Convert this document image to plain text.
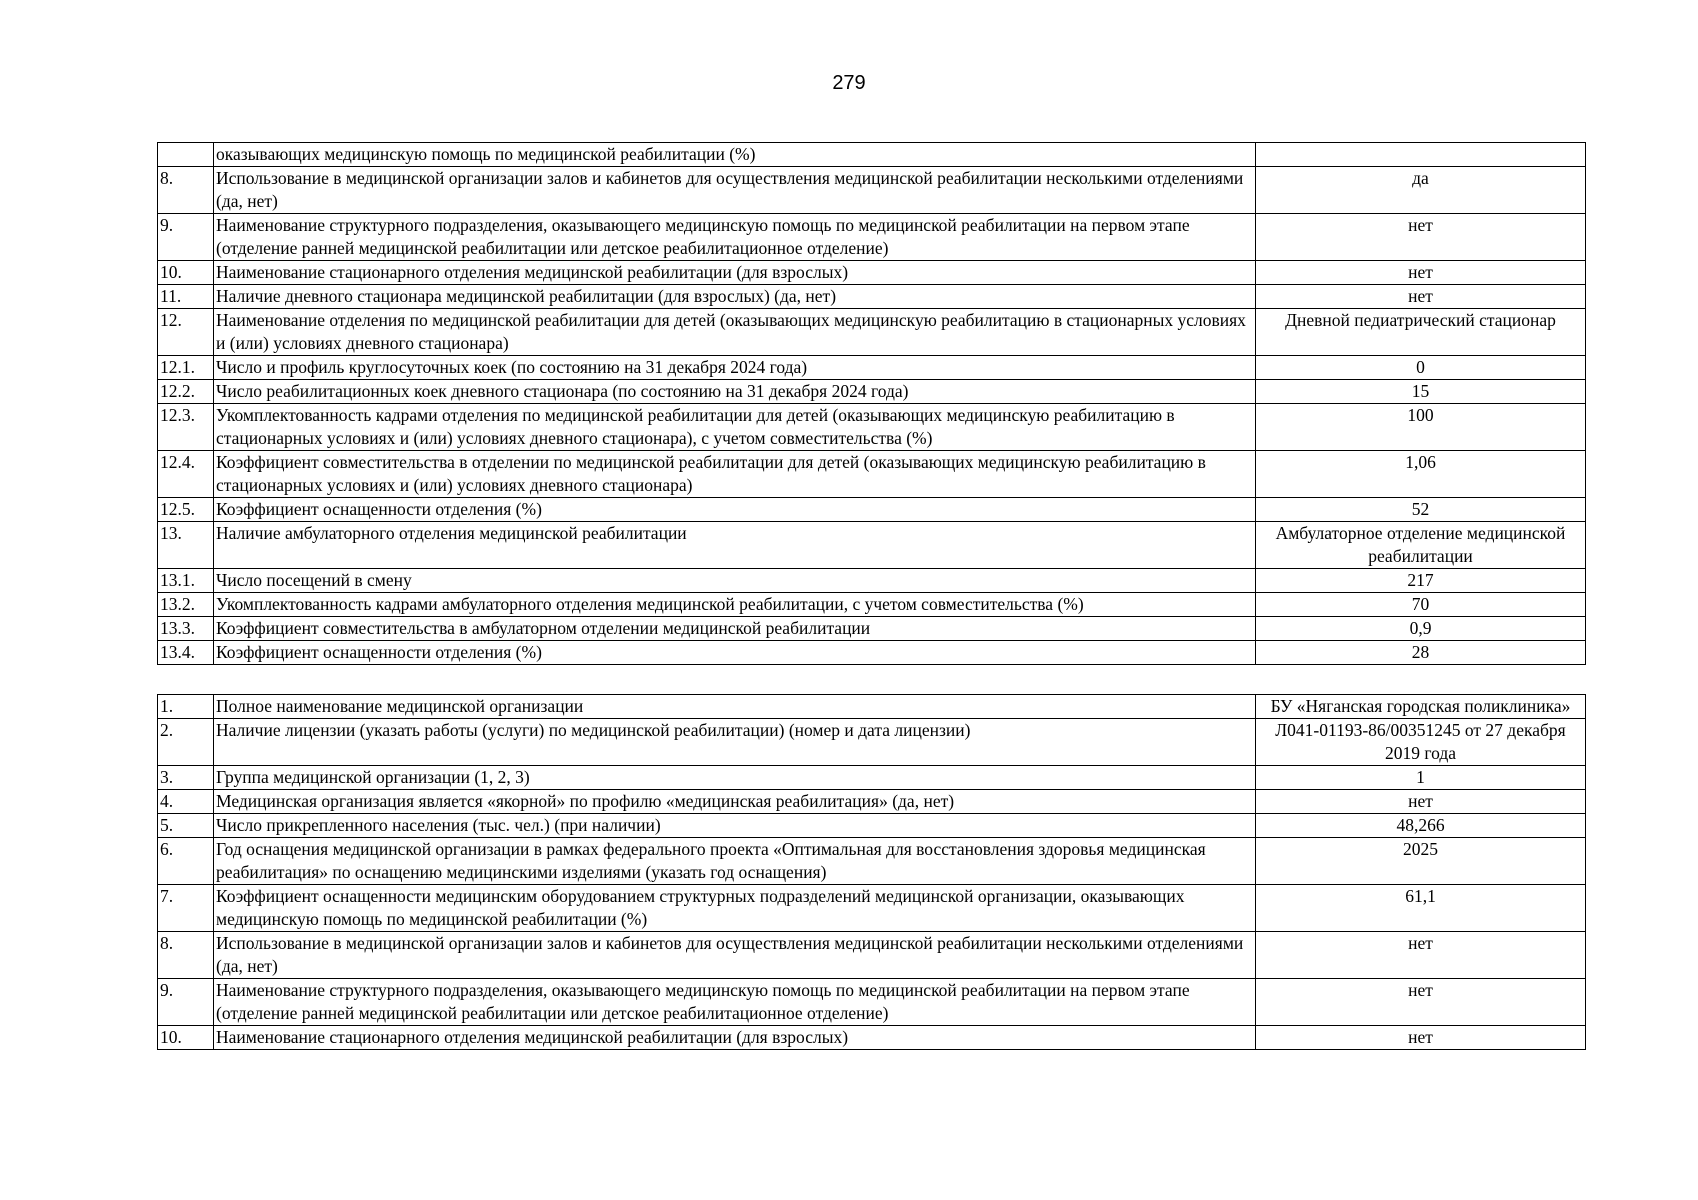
279
	оказывающих медицинскую помощь по медицинской реабилитации (%)	
8.	Использование в медицинской организации залов и кабинетов для осуществления медицинской реабилитации несколькими отделениями (да, нет)	да
9.	Наименование структурного подразделения, оказывающего медицинскую помощь по медицинской реабилитации на первом этапе (отделение ранней медицинской реабилитации или детское реабилитационное отделение)	нет
10.	Наименование стационарного отделения медицинской реабилитации (для взрослых)	нет
11.	Наличие дневного стационара медицинской реабилитации (для взрослых) (да, нет)	нет
12.	Наименование отделения по медицинской реабилитации для детей (оказывающих медицинскую реабилитацию в стационарных условиях и (или) условиях дневного стационара)	Дневной педиатрический стационар
12.1.	Число и профиль круглосуточных коек (по состоянию на 31 декабря 2024 года)	0
12.2.	Число реабилитационных коек дневного стационара (по состоянию на 31 декабря 2024 года)	15
12.3.	Укомплектованность кадрами отделения по медицинской реабилитации для детей (оказывающих медицинскую реабилитацию в стационарных условиях и (или) условиях дневного стационара), с учетом совместительства (%)	100
12.4.	Коэффициент совместительства в отделении по медицинской реабилитации для детей (оказывающих медицинскую реабилитацию в стационарных условиях и (или) условиях дневного стационара)	1,06
12.5.	Коэффициент оснащенности отделения (%)	52
13.	Наличие амбулаторного отделения медицинской реабилитации	Амбулаторное отделение медицинской реабилитации
13.1.	Число посещений в смену	217
13.2.	Укомплектованность кадрами амбулаторного отделения медицинской реабилитации, с учетом совместительства (%)	70
13.3.	Коэффициент совместительства в амбулаторном отделении медицинской реабилитации	0,9
13.4.	Коэффициент оснащенности отделения (%)	28
1.	Полное наименование медицинской организации	БУ «Няганская городская поликлиника»
2.	Наличие лицензии (указать работы (услуги) по медицинской реабилитации) (номер и дата лицензии)	Л041-01193-86/00351245 от 27 декабря 2019 года
3.	Группа медицинской организации (1, 2, 3)	1
4.	Медицинская организация является «якорной» по профилю «медицинская реабилитация» (да, нет)	нет
5.	Число прикрепленного населения (тыс. чел.) (при наличии)	48,266
6.	Год оснащения медицинской организации в рамках федерального проекта «Оптимальная для восстановления здоровья медицинская реабилитация» по оснащению медицинскими изделиями (указать год оснащения)	2025
7.	Коэффициент оснащенности медицинским оборудованием структурных подразделений медицинской организации, оказывающих медицинскую помощь по медицинской реабилитации (%)	61,1
8.	Использование в медицинской организации залов и кабинетов для осуществления медицинской реабилитации несколькими отделениями (да, нет)	нет
9.	Наименование структурного подразделения, оказывающего медицинскую помощь по медицинской реабилитации на первом этапе (отделение ранней медицинской реабилитации или детское реабилитационное отделение)	нет
10.	Наименование стационарного отделения медицинской реабилитации (для взрослых)	нет
